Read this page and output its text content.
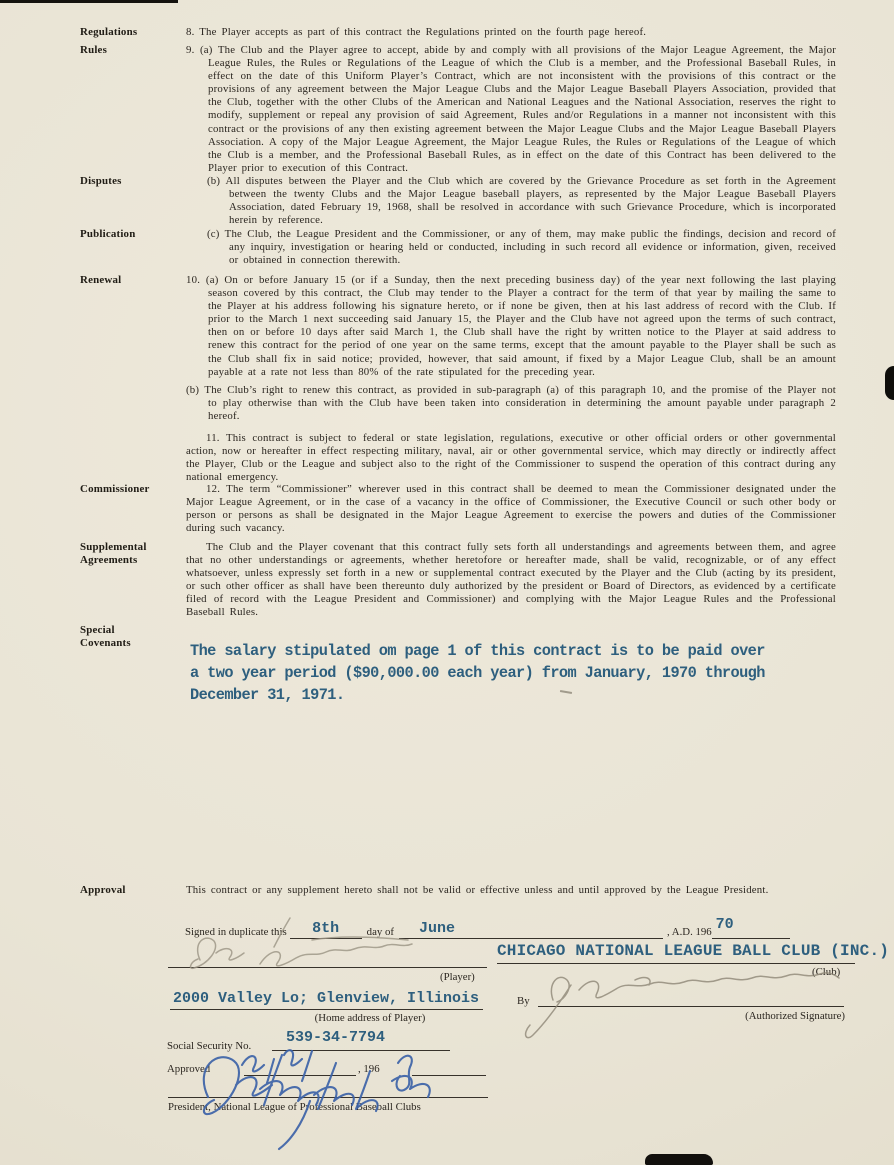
Regulations	8. The Player accepts as part of this contract the Regulations printed on the fourth page hereof.
Rules	9. (a) The Club and the Player agree to accept, abide by and comply with all provisions of the Major League Agreement, the Major League Rules, the Rules or Regulations of the League of which the Club is a member, and the Professional Baseball Rules, in effect on the date of this Uniform Player’s Contract, which are not inconsistent with the provisions of this contract or the provisions of any agreement between the Major League Clubs and the Major League Baseball Players Association, provided that the Club, together with the other Clubs of the American and National Leagues and the National Association, reserves the right to modify, supplement or repeal any provision of said Agreement, Rules and/or Regulations in a manner not inconsistent with this contract or the provisions of any then existing agreement between the Major League Clubs and the Major League Baseball Players Association. A copy of the Major League Agreement, the Major League Rules, the Rules or Regulations of the League of which the Club is a member, and the Professional Baseball Rules, as in effect on the date of this Contract has been delivered to the Player prior to execution of this Contract.
Disputes	(b) All disputes between the Player and the Club which are covered by the Grievance Procedure as set forth in the Agreement between the twenty Clubs and the Major League baseball players, as represented by the Major League Baseball Players Association, dated February 19, 1968, shall be resolved in accordance with such Grievance Procedure, which is incorporated herein by reference.
Publication	(c) The Club, the League President and the Commissioner, or any of them, may make public the findings, decision and record of any inquiry, investigation or hearing held or conducted, including in such record all evidence or information, given, received or obtained in connection therewith.
Renewal	10. (a) On or before January 15 (or if a Sunday, then the next preceding business day) of the year next following the last playing season covered by this contract, the Club may tender to the Player a contract for the term of that year by mailing the same to the Player at his address following his signature hereto, or if none be given, then at his last address of record with the Club. If prior to the March 1 next succeeding said January 15, the Player and the Club have not agreed upon the terms of such contract, then on or before 10 days after said March 1, the Club shall have the right by written notice to the Player at said address to renew this contract for the period of one year on the same terms, except that the amount payable to the Player shall be such as the Club shall fix in said notice; provided, however, that said amount, if fixed by a Major League Club, shall be an amount payable at a rate not less than 80% of the rate stipulated for the preceding year.
(b) The Club’s right to renew this contract, as provided in sub-paragraph (a) of this paragraph 10, and the promise of the Player not to play otherwise than with the Club have been taken into consideration in determining the amount payable under paragraph 2 hereof.
11. This contract is subject to federal or state legislation, regulations, executive or other official orders or other governmental action, now or hereafter in effect respecting military, naval, air or other governmental service, which may directly or indirectly affect the Player, Club or the League and subject also to the right of the Commissioner to suspend the operation of this contract during any national emergency.
Commissioner	12. The term “Commissioner” wherever used in this contract shall be deemed to mean the Commissioner designated under the Major League Agreement, or in the case of a vacancy in the office of Commissioner, the Executive Council or such other body or person or persons as shall be designated in the Major League Agreement to exercise the powers and duties of the Commissioner during such vacancy.
Supplemental
Agreements
The Club and the Player covenant that this contract fully sets forth all understandings and agreements between them, and agree that no other understandings or agreements, whether heretofore or hereafter made, shall be valid, recognizable, or of any effect whatsoever, unless expressly set forth in a new or supplemental contract executed by the Player and the Club (acting by its president, or such other officer as shall have been thereunto duly authorized by the president or Board of Directors, as evidenced by a certificate filed of record with the League President and Commissioner) and complying with the Major League Rules and the Professional Baseball Rules.
Special
Covenants	The salary stipulated om page 1 of this contract is to be paid over
a two year period ($90,000.00 each year) from January, 1970 through
December 31, 1971.
Approval	This contract or any supplement hereto shall not be valid or effective unless and until approved by the League President.
Signed in duplicate this	8th	day of	June	, A.D. 196 70
(Player)
CHICAGO NATIONAL LEAGUE BALL CLUB (INC.)
(Club)
2000 Valley Lo; Glenview, Illinois
(Home address of Player)
By
(Authorized Signature)
Social Security No.	539-34-7794
Approved	, 196
President, National League of Professional Baseball Clubs
